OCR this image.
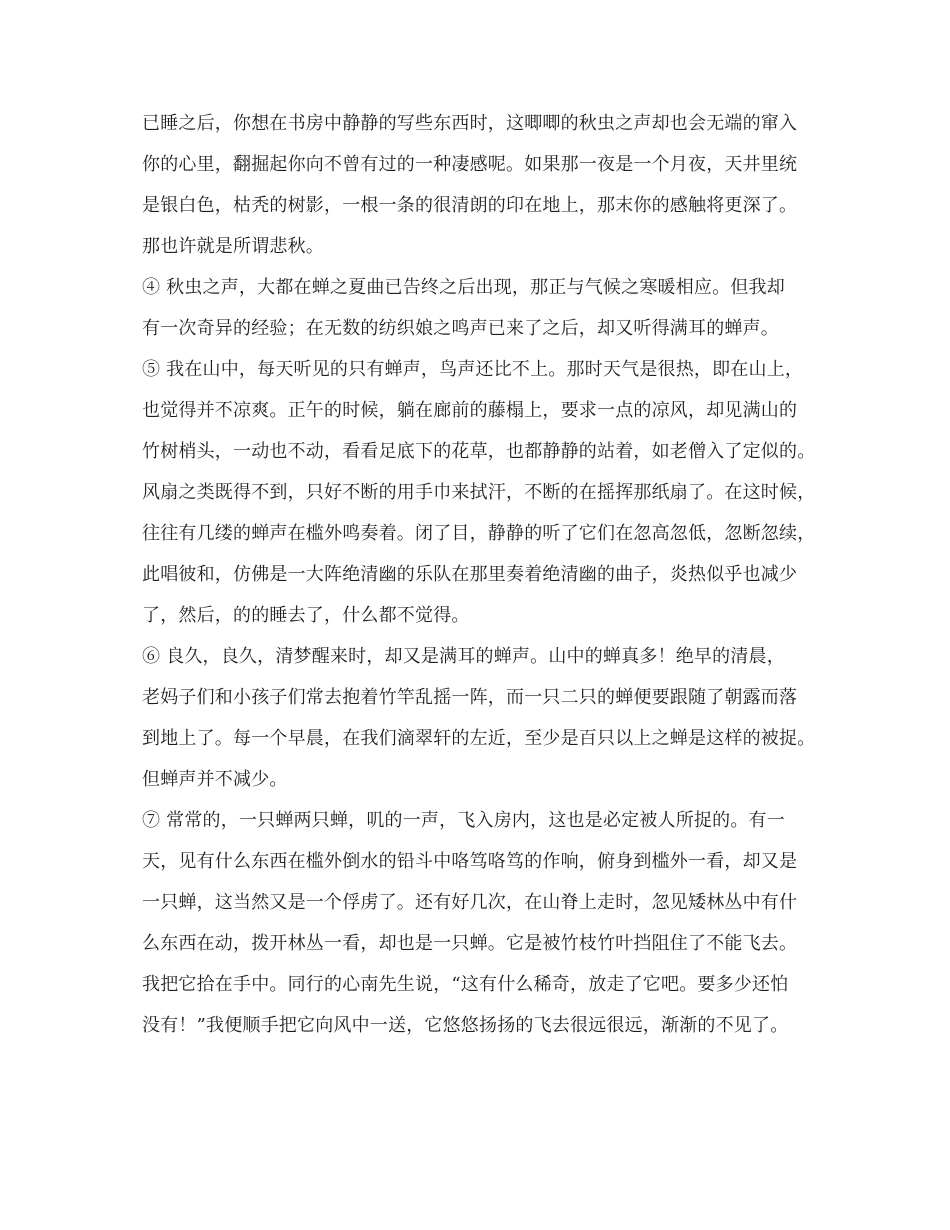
已睡之后，你想在书房中静静的写些东西时，这唧唧的秋虫之声却也会无端的窜入
你的心里，翻掘起你向不曾有过的一种凄感呢。如果那一夜是一个月夜，天井里统
是银白色，枯秃的树影，一根一条的很清朗的印在地上，那末你的感触将更深了。
那也许就是所谓悲秋。
④ 秋虫之声，大都在蝉之夏曲已告终之后出现，那正与气候之寒暖相应。但我却
有一次奇异的经验；在无数的纺织娘之鸣声已来了之后，却又听得满耳的蝉声。
⑤ 我在山中，每天听见的只有蝉声，鸟声还比不上。那时天气是很热，即在山上，
也觉得并不凉爽。正午的时候，躺在廊前的藤榻上，要求一点的凉风，却见满山的
竹树梢头，一动也不动，看看足底下的花草，也都静静的站着，如老僧入了定似的。
风扇之类既得不到，只好不断的用手巾来拭汗，不断的在摇挥那纸扇了。在这时候，
往往有几缕的蝉声在槛外鸣奏着。闭了目，静静的听了它们在忽高忽低，忽断忽续，
此唱彼和，仿佛是一大阵绝清幽的乐队在那里奏着绝清幽的曲子，炎热似乎也减少
了，然后，的的睡去了，什么都不觉得。
⑥ 良久，良久，清梦醒来时，却又是满耳的蝉声。山中的蝉真多！绝早的清晨，
老妈子们和小孩子们常去抱着竹竿乱摇一阵，而一只二只的蝉便要跟随了朝露而落
到地上了。每一个早晨，在我们滴翠轩的左近，至少是百只以上之蝉是这样的被捉。
但蝉声并不减少。
⑦ 常常的，一只蝉两只蝉，叽的一声，飞入房内，这也是必定被人所捉的。有一
天，见有什么东西在槛外倒水的铅斗中咯笃咯笃的作响，俯身到槛外一看，却又是
一只蝉，这当然又是一个俘虏了。还有好几次，在山脊上走时，忽见矮林丛中有什
么东西在动，拨开林丛一看，却也是一只蝉。它是被竹枝竹叶挡阻住了不能飞去。
我把它拾在手中。同行的心南先生说，“这有什么稀奇，放走了它吧。要多少还怕
没有！”我便顺手把它向风中一送，它悠悠扬扬的飞去很远很远，渐渐的不见了。
